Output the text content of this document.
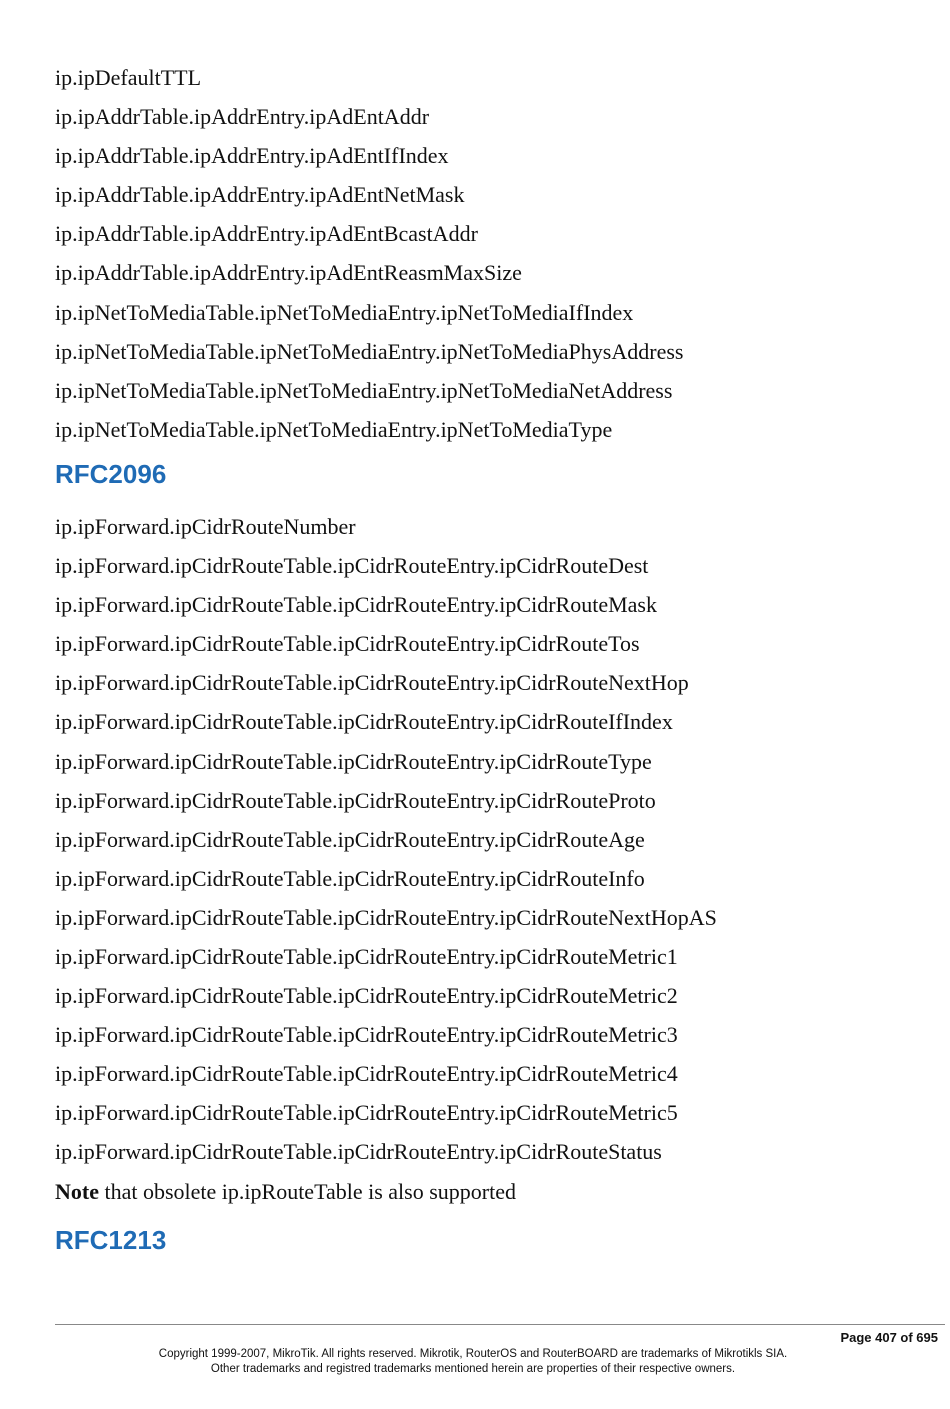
ip.ipDefaultTTL
ip.ipAddrTable.ipAddrEntry.ipAdEntAddr
ip.ipAddrTable.ipAddrEntry.ipAdEntIfIndex
ip.ipAddrTable.ipAddrEntry.ipAdEntNetMask
ip.ipAddrTable.ipAddrEntry.ipAdEntBcastAddr
ip.ipAddrTable.ipAddrEntry.ipAdEntReasmMaxSize
ip.ipNetToMediaTable.ipNetToMediaEntry.ipNetToMediaIfIndex
ip.ipNetToMediaTable.ipNetToMediaEntry.ipNetToMediaPhysAddress
ip.ipNetToMediaTable.ipNetToMediaEntry.ipNetToMediaNetAddress
ip.ipNetToMediaTable.ipNetToMediaEntry.ipNetToMediaType
RFC2096
ip.ipForward.ipCidrRouteNumber
ip.ipForward.ipCidrRouteTable.ipCidrRouteEntry.ipCidrRouteDest
ip.ipForward.ipCidrRouteTable.ipCidrRouteEntry.ipCidrRouteMask
ip.ipForward.ipCidrRouteTable.ipCidrRouteEntry.ipCidrRouteTos
ip.ipForward.ipCidrRouteTable.ipCidrRouteEntry.ipCidrRouteNextHop
ip.ipForward.ipCidrRouteTable.ipCidrRouteEntry.ipCidrRouteIfIndex
ip.ipForward.ipCidrRouteTable.ipCidrRouteEntry.ipCidrRouteType
ip.ipForward.ipCidrRouteTable.ipCidrRouteEntry.ipCidrRouteProto
ip.ipForward.ipCidrRouteTable.ipCidrRouteEntry.ipCidrRouteAge
ip.ipForward.ipCidrRouteTable.ipCidrRouteEntry.ipCidrRouteInfo
ip.ipForward.ipCidrRouteTable.ipCidrRouteEntry.ipCidrRouteNextHopAS
ip.ipForward.ipCidrRouteTable.ipCidrRouteEntry.ipCidrRouteMetric1
ip.ipForward.ipCidrRouteTable.ipCidrRouteEntry.ipCidrRouteMetric2
ip.ipForward.ipCidrRouteTable.ipCidrRouteEntry.ipCidrRouteMetric3
ip.ipForward.ipCidrRouteTable.ipCidrRouteEntry.ipCidrRouteMetric4
ip.ipForward.ipCidrRouteTable.ipCidrRouteEntry.ipCidrRouteMetric5
ip.ipForward.ipCidrRouteTable.ipCidrRouteEntry.ipCidrRouteStatus
Note that obsolete ip.ipRouteTable is also supported
RFC1213
Page 407 of 695
Copyright 1999-2007, MikroTik. All rights reserved. Mikrotik, RouterOS and RouterBOARD are trademarks of Mikrotikls SIA.
Other trademarks and registred trademarks mentioned herein are properties of their respective owners.
